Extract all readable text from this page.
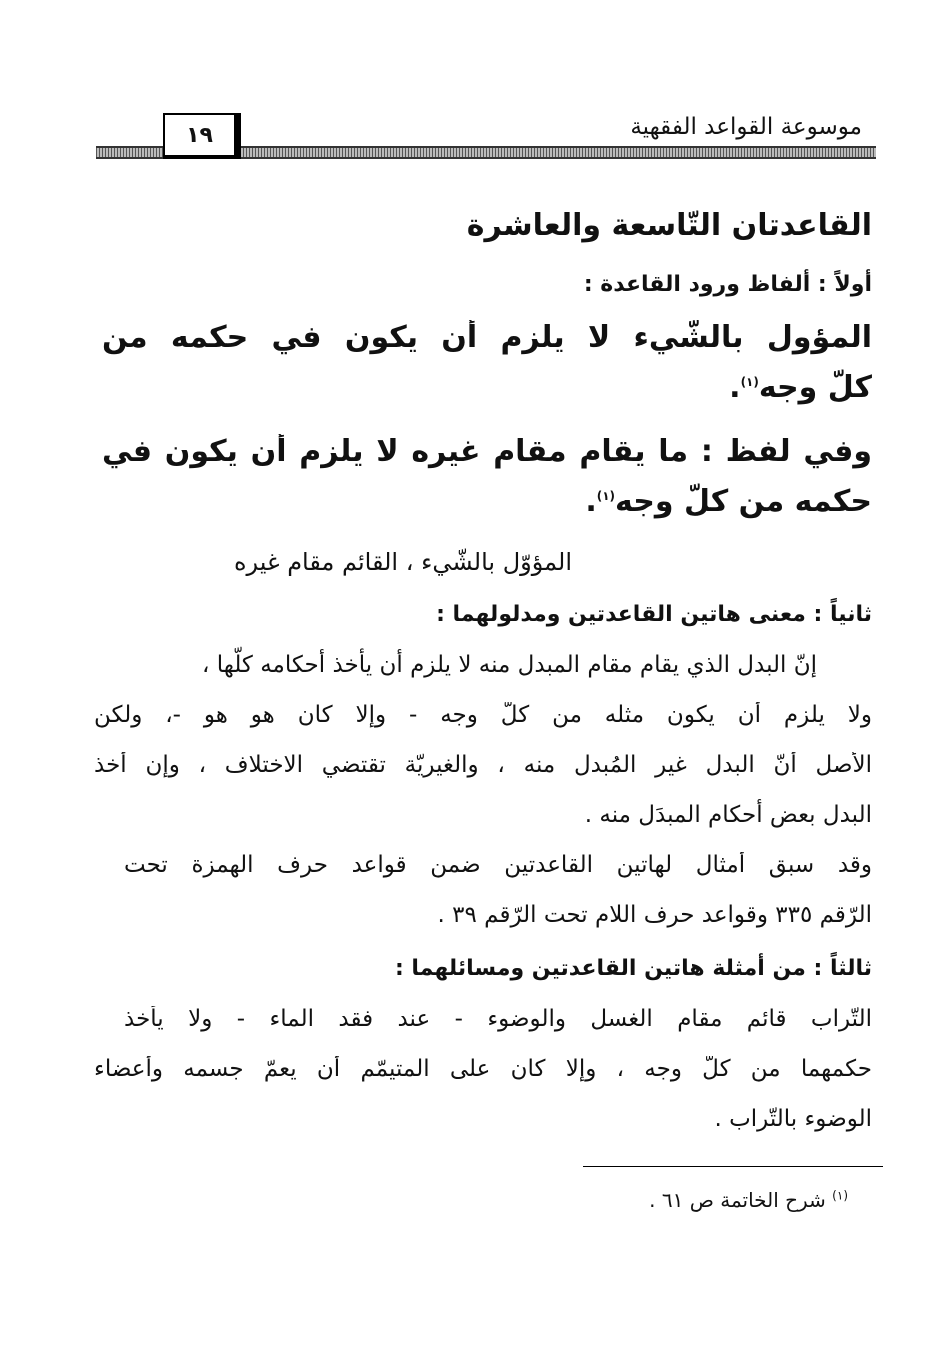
موسوعة القواعد الفقهية
١٩
القاعدتان التّاسعة والعاشرة
أولاً : ألفاظ ورود القاعدة :
المؤول بالشّيء لا يلزم أن يكون في حكمه من
كلّ وجه$^{(١)}$.
وفي لفظ : ما يقام مقام غيره لا يلزم أن يكون في
حكمه من كلّ وجه$^{(١)}$.
المؤوّل بالشّيء ، القائم مقام غيره
ثانياً : معنى هاتين القاعدتين ومدلولهما :
إنّ البدل الذي يقام مقام المبدل منه لا يلزم أن يأخذ أحكامه كلّها ،
ولا يلزم أن يكون مثله من كلّ وجه - وإلا كان هو هو -، ولكن
الأصل أنّ البدل غير المُبدل منه ، والغيريّة تقتضي الاختلاف ، وإن أخذ
البدل بعض أحكام المبدَل منه .
وقد سبق أمثال لهاتين القاعدتين ضمن قواعد حرف الهمزة تحت
الرّقم ٣٣٥ وقواعد حرف اللام تحت الرّقم ٣٩ .
ثالثاً : من أمثلة هاتين القاعدتين ومسائلهما :
التّراب قائم مقام الغسل والوضوء - عند فقد الماء - ولا يأخذ
حكمهما من كلّ وجه ، وإلا كان على المتيمّم أن يعمّ جسمه وأعضاء
الوضوء بالتّراب .
$^{(١)}$ شرح الخاتمة ص ٦١ .
